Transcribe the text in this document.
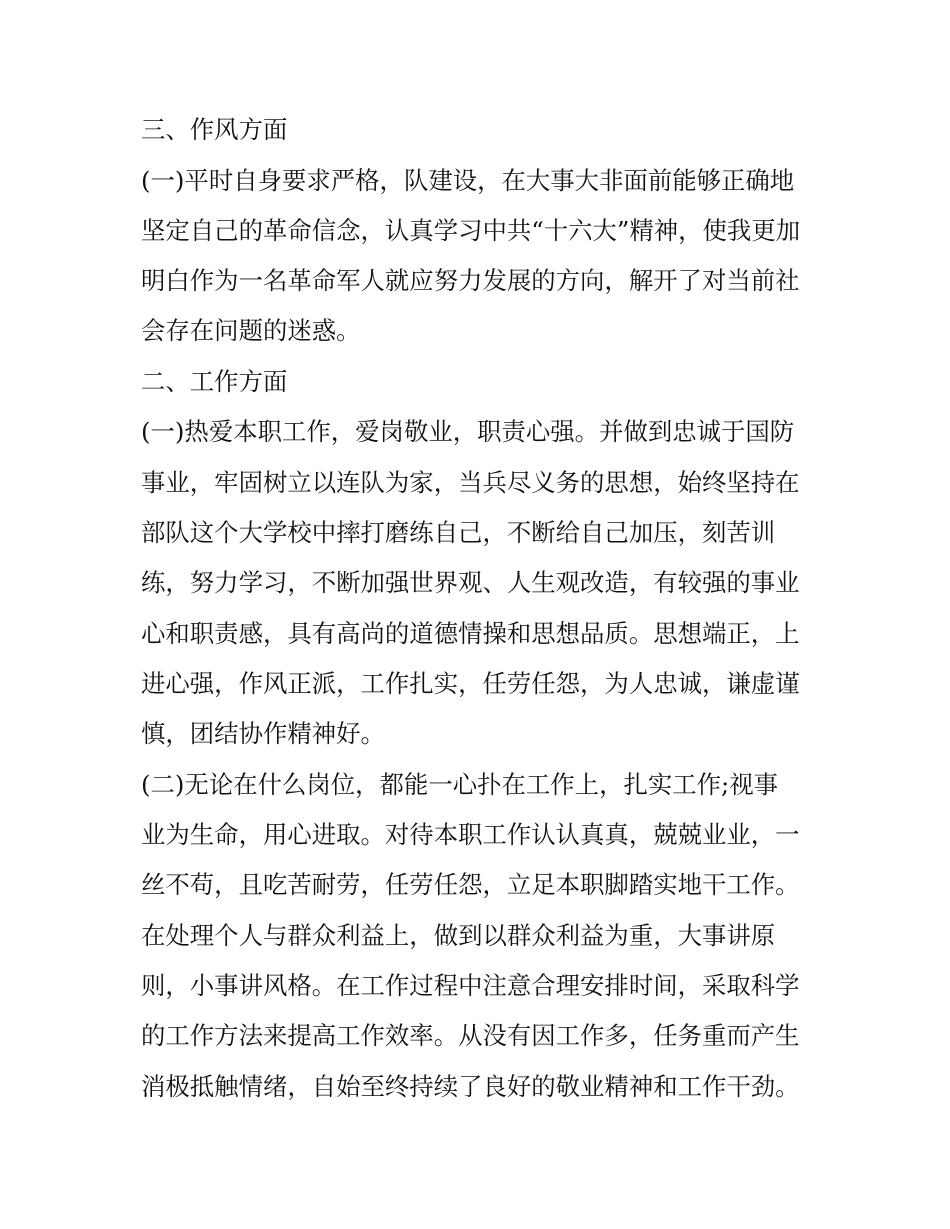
三、作风方面

(一)平时自身要求严格，队建设，在大事大非面前能够正确地

坚定自己的革命信念，认真学习中共“十六大”精神，使我更加

明白作为一名革命军人就应努力发展的方向，解开了对当前社

会存在问题的迷惑。

二、工作方面

(一)热爱本职工作，爱岗敬业，职责心强。并做到忠诚于国防

事业，牢固树立以连队为家，当兵尽义务的思想，始终坚持在

部队这个大学校中摔打磨练自己，不断给自己加压，刻苦训

练，努力学习，不断加强世界观、人生观改造，有较强的事业

心和职责感，具有高尚的道德情操和思想品质。思想端正，上

进心强，作风正派，工作扎实，任劳任怨，为人忠诚，谦虚谨

慎，团结协作精神好。

(二)无论在什么岗位，都能一心扑在工作上，扎实工作;视事

业为生命，用心进取。对待本职工作认认真真，兢兢业业，一

丝不苟，且吃苦耐劳，任劳任怨，立足本职脚踏实地干工作。

在处理个人与群众利益上，做到以群众利益为重，大事讲原

则，小事讲风格。在工作过程中注意合理安排时间，采取科学

的工作方法来提高工作效率。从没有因工作多，任务重而产生

消极抵触情绪，自始至终持续了良好的敬业精神和工作干劲。
